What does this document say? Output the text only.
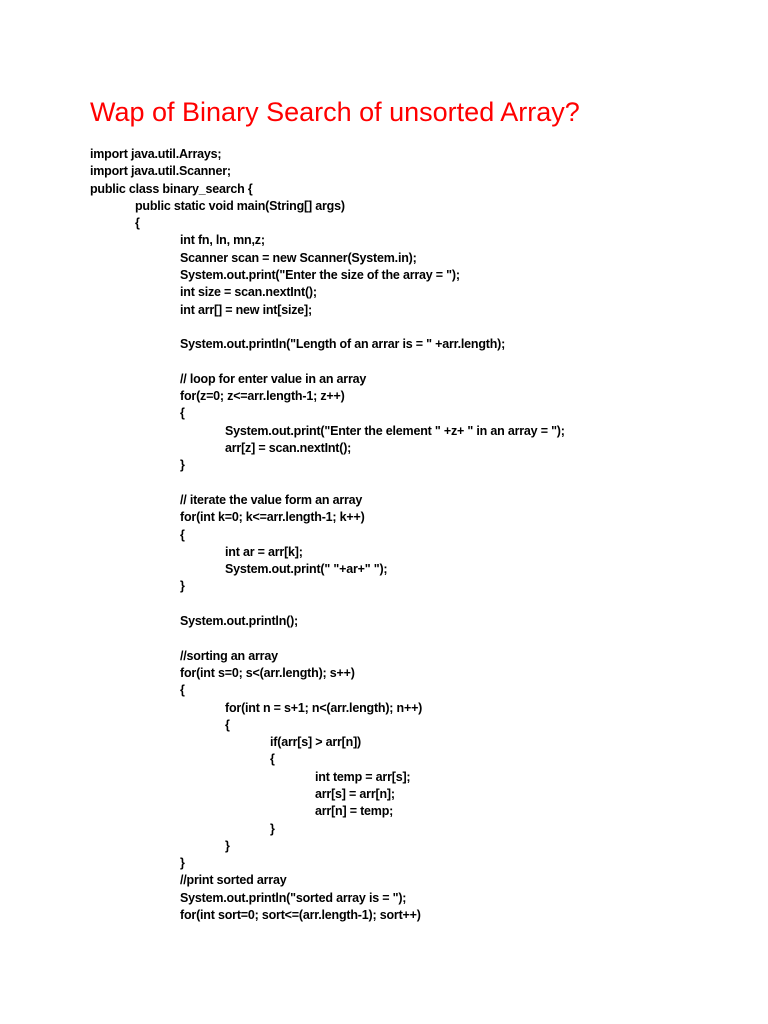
Wap of Binary Search of unsorted Array?
import java.util.Arrays;
import java.util.Scanner;
public class binary_search {
public static void main(String[] args)
{
int fn, ln, mn,z;
Scanner scan = new Scanner(System.in);
System.out.print("Enter the size of the array = ");
int size = scan.nextInt();
int arr[] = new int[size];
System.out.println("Length of an arrar is = " +arr.length);
// loop for enter value in an array
for(z=0; z<=arr.length-1; z++)
{
System.out.print("Enter the element " +z+ " in an array = ");
arr[z] = scan.nextInt();
}
// iterate the value form an array
for(int k=0; k<=arr.length-1; k++)
{
int ar = arr[k];
System.out.print(" "+ar+" ");
}
System.out.println();
//sorting an array
for(int s=0; s<(arr.length); s++)
{
for(int n = s+1; n<(arr.length); n++)
{
if(arr[s] > arr[n])
{
int temp = arr[s];
arr[s] = arr[n];
arr[n] = temp;
}
}
}
//print sorted array
System.out.println("sorted array is = ");
for(int sort=0; sort<=(arr.length-1); sort++)
